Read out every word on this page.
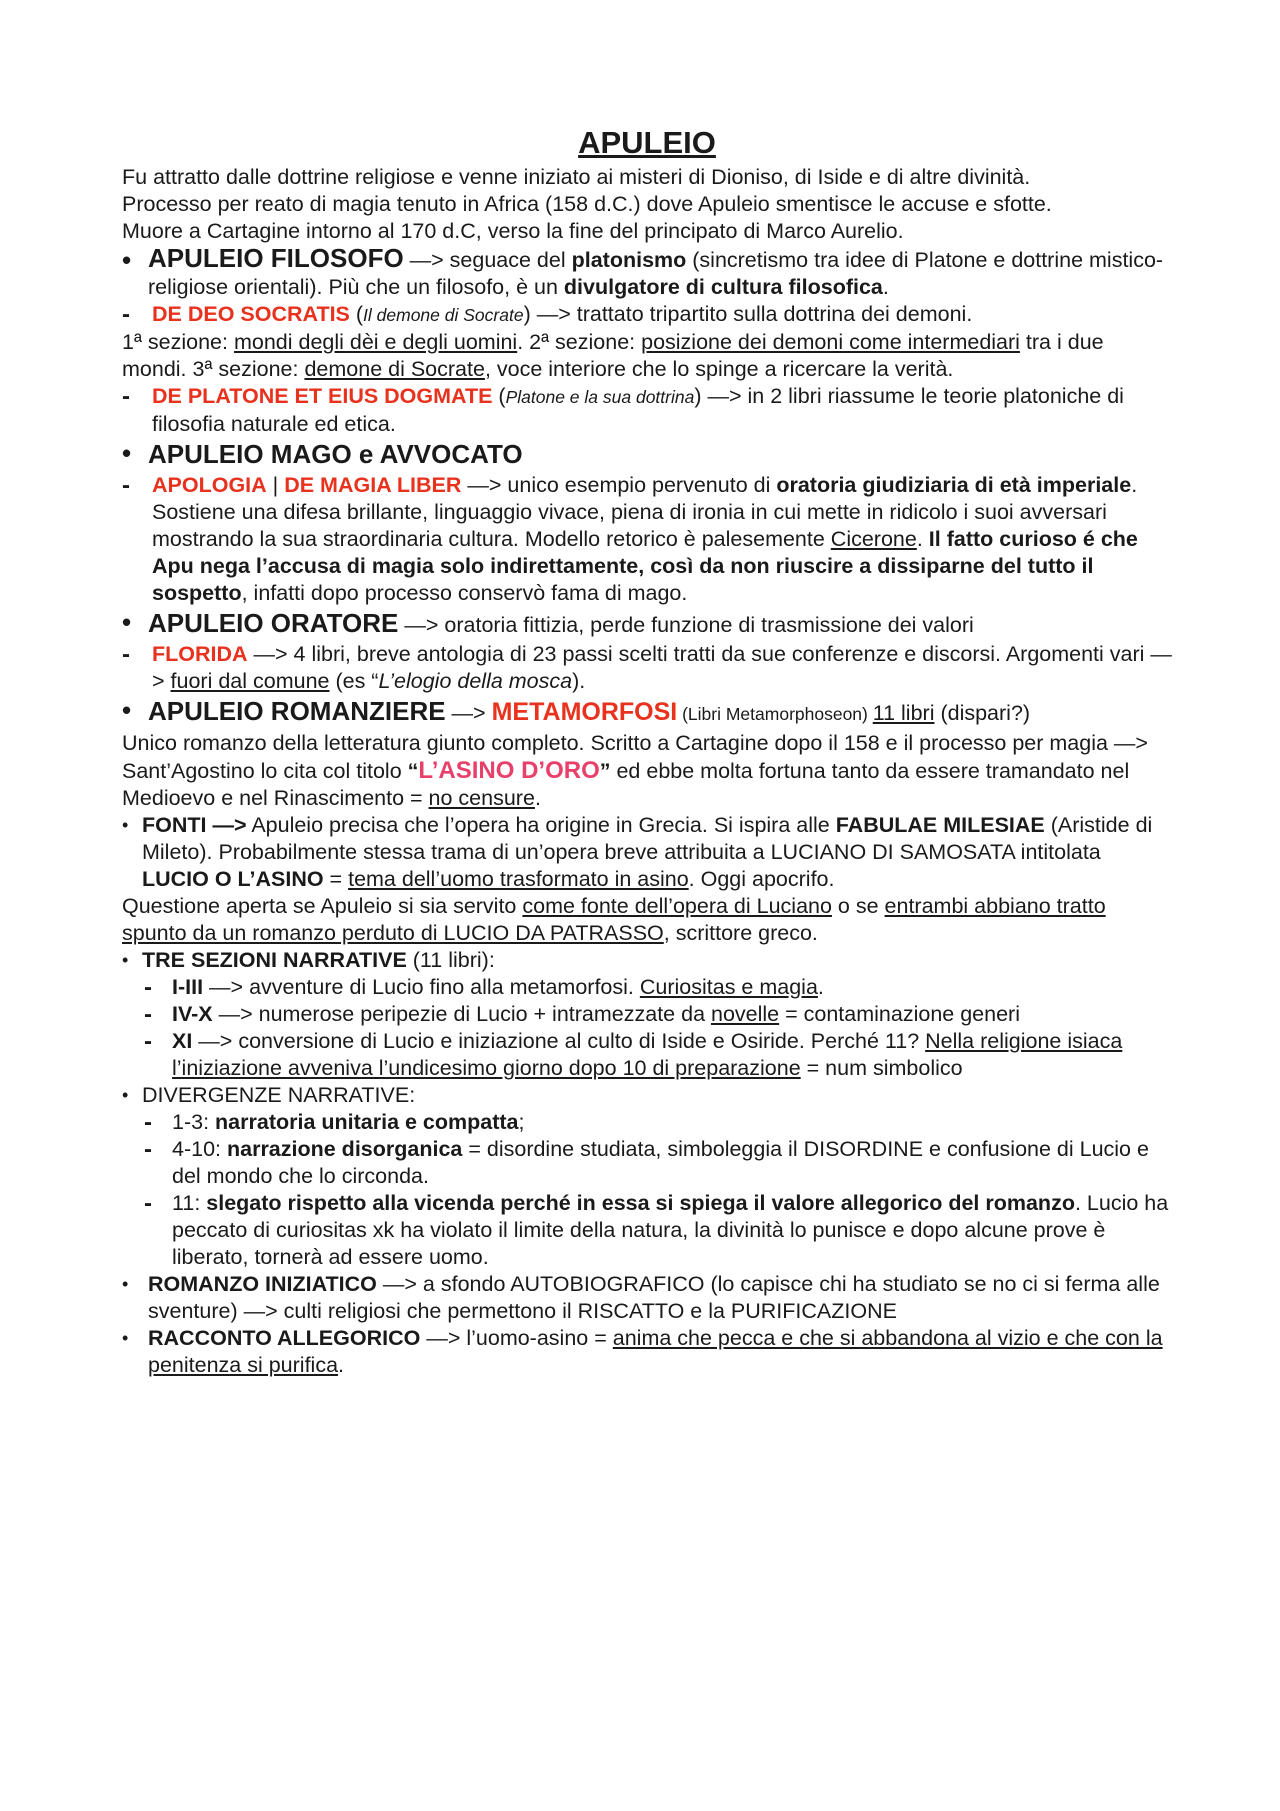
APULEIO

Fu attratto dalle dottrine religiose e venne iniziato ai misteri di Dioniso, di Iside e di altre divinità.

Processo per reato di magia tenuto in Africa (158 d.C.) dove Apuleio smentisce le accuse e sfotte.

Muore a Cartagine intorno al 170 d.C, verso la fine del principato di Marco Aurelio.

• APULEIO FILOSOFO —> seguace del platonismo (sincretismo tra idee di Platone e dottrine mistico-religiose orientali). Più che un filosofo, è un divulgatore di cultura filosofica.
-	DE DEO SOCRATIS (Il demone di Socrate) —> trattato tripartito sulla dottrina dei demoni.

1ª sezione: mondi degli dèi e degli uomini. 2ª sezione: posizione dei demoni come intermediari tra i due mondi. 3ª sezione: demone di Socrate, voce interiore che lo spinge a ricercare la verità.

-	DE PLATONE ET EIUS DOGMATE (Platone e la sua dottrina) —> in 2 libri riassume le teorie platoniche di filosofia naturale ed etica.
• APULEIO MAGO e AVVOCATO
-	APOLOGIA | DE MAGIA LIBER —> unico esempio pervenuto di oratoria giudiziaria di età imperiale. Sostiene una difesa brillante, linguaggio vivace, piena di ironia in cui mette in ridicolo i suoi avversari mostrando la sua straordinaria cultura. Modello retorico è palesemente Cicerone. Il fatto curioso é che Apu nega l’accusa di magia solo indirettamente, così da non riuscire a dissiparne del tutto il sospetto, infatti dopo processo conservò fama di mago.
• APULEIO ORATORE —> oratoria fittizia, perde funzione di trasmissione dei valori
-	FLORIDA —> 4 libri, breve antologia di 23 passi scelti tratti da sue conferenze e discorsi. Argomenti vari —> fuori dal comune (es “L’elogio della mosca).
• APULEIO ROMANZIERE —> METAMORFOSI (Libri Metamorphoseon) 11 libri (dispari?)

Unico romanzo della letteratura giunto completo. Scritto a Cartagine dopo il 158 e il processo per magia —> Sant’Agostino lo cita col titolo “L’ASINO D’ORO” ed ebbe molta fortuna tanto da essere tramandato nel Medioevo e nel Rinascimento = no censure.

• FONTI —> Apuleio precisa che l’opera ha origine in Grecia. Si ispira alle FABULAE MILESIAE (Aristide di Mileto). Probabilmente stessa trama di un’opera breve attribuita a LUCIANO DI SAMOSATA intitolata LUCIO O L’ASINO = tema dell’uomo trasformato in asino. Oggi apocrifo.

Questione aperta se Apuleio si sia servito come fonte dell’opera di Luciano o se entrambi abbiano tratto spunto da un romanzo perduto di LUCIO DA PATRASSO, scrittore greco.

• TRE SEZIONI NARRATIVE (11 libri):
- I-III —> avventure di Lucio fino alla metamorfosi. Curiositas e magia.
- IV-X —> numerose peripezie di Lucio + intramezzate da novelle = contaminazione generi
- XI —> conversione di Lucio e iniziazione al culto di Iside e Osiride. Perché 11? Nella religione isiaca l’iniziazione avveniva l’undicesimo giorno dopo 10 di preparazione = num simbolico
• DIVERGENZE NARRATIVE:
- 1-3: narratoria unitaria e compatta;
- 4-10: narrazione disorganica = disordine studiata, simboleggia il DISORDINE e confusione di Lucio e del mondo che lo circonda.
- 11: slegato rispetto alla vicenda perché in essa si spiega il valore allegorico del romanzo. Lucio ha peccato di curiositas xk ha violato il limite della natura, la divinità lo punisce e dopo alcune prove è liberato, tornerà ad essere uomo.
• ROMANZO INIZIATICO —> a sfondo AUTOBIOGRAFICO (lo capisce chi ha studiato se no ci si ferma alle sventure) —> culti religiosi che permettono il RISCATTO e la PURIFICAZIONE
• RACCONTO ALLEGORICO —> l’uomo-asino = anima che pecca e che si abbandona al vizio e che con la penitenza si purifica.
